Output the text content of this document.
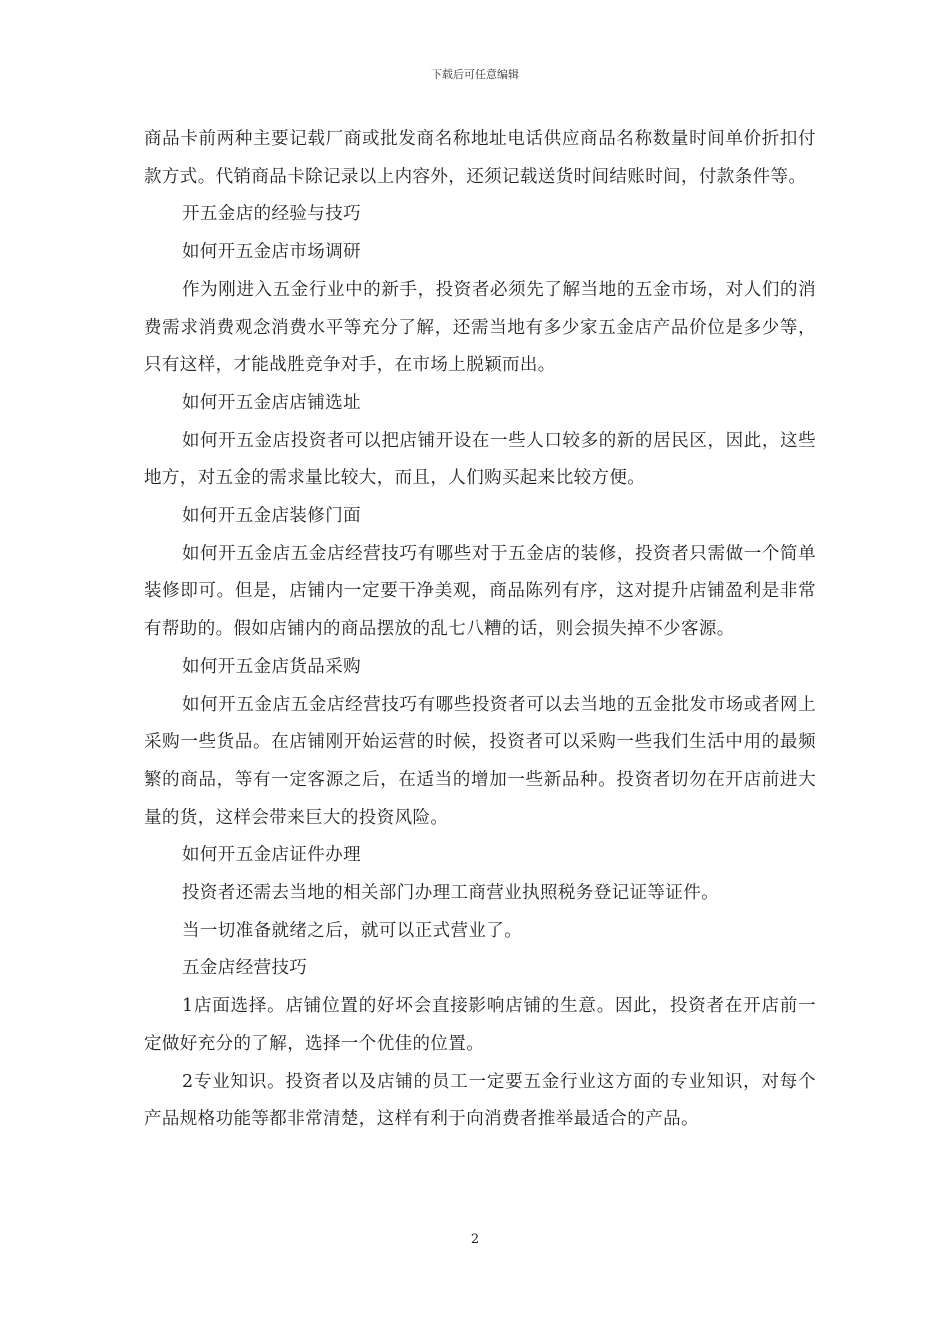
下载后可任意编辑

商品卡前两种主要记载厂商或批发商名称地址电话供应商品名称数量时间单价折扣付款方式。代销商品卡除记录以上内容外，还须记载送货时间结账时间，付款条件等。

开五金店的经验与技巧

如何开五金店市场调研

作为刚进入五金行业中的新手，投资者必须先了解当地的五金市场，对人们的消费需求消费观念消费水平等充分了解，还需当地有多少家五金店产品价位是多少等，只有这样，才能战胜竞争对手，在市场上脱颖而出。

如何开五金店店铺选址

如何开五金店投资者可以把店铺开设在一些人口较多的新的居民区，因此，这些地方，对五金的需求量比较大，而且，人们购买起来比较方便。

如何开五金店装修门面

如何开五金店五金店经营技巧有哪些对于五金店的装修，投资者只需做一个简单装修即可。但是，店铺内一定要干净美观，商品陈列有序，这对提升店铺盈利是非常有帮助的。假如店铺内的商品摆放的乱七八糟的话，则会损失掉不少客源。

如何开五金店货品采购

如何开五金店五金店经营技巧有哪些投资者可以去当地的五金批发市场或者网上采购一些货品。在店铺刚开始运营的时候，投资者可以采购一些我们生活中用的最频繁的商品，等有一定客源之后，在适当的增加一些新品种。投资者切勿在开店前进大量的货，这样会带来巨大的投资风险。

如何开五金店证件办理

投资者还需去当地的相关部门办理工商营业执照税务登记证等证件。

当一切准备就绪之后，就可以正式营业了。

五金店经营技巧

1店面选择。店铺位置的好坏会直接影响店铺的生意。因此，投资者在开店前一定做好充分的了解，选择一个优佳的位置。

2专业知识。投资者以及店铺的员工一定要五金行业这方面的专业知识，对每个产品规格功能等都非常清楚，这样有利于向消费者推举最适合的产品。

2
